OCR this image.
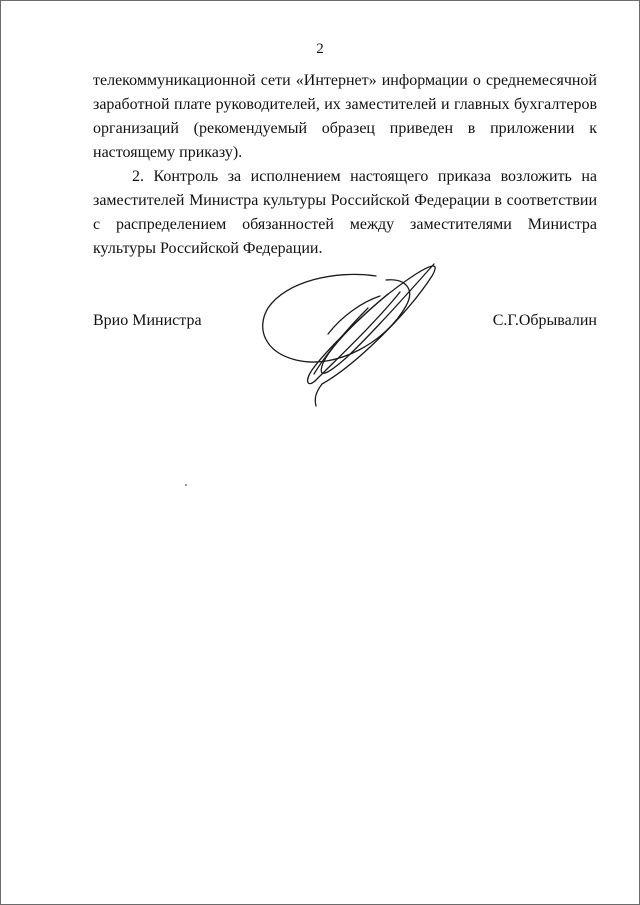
2

телекоммуникационной сети «Интернет» информации о среднемесячной заработной плате руководителей, их заместителей и главных бухгалтеров организаций (рекомендуемый образец приведен в приложении к настоящему приказу).

2. Контроль за исполнением настоящего приказа возложить на заместителей Министра культуры Российской Федерации в соответствии с распределением обязанностей между заместителями Министра культуры Российской Федерации.

Врио Министра	С.Г.Обрывалин
